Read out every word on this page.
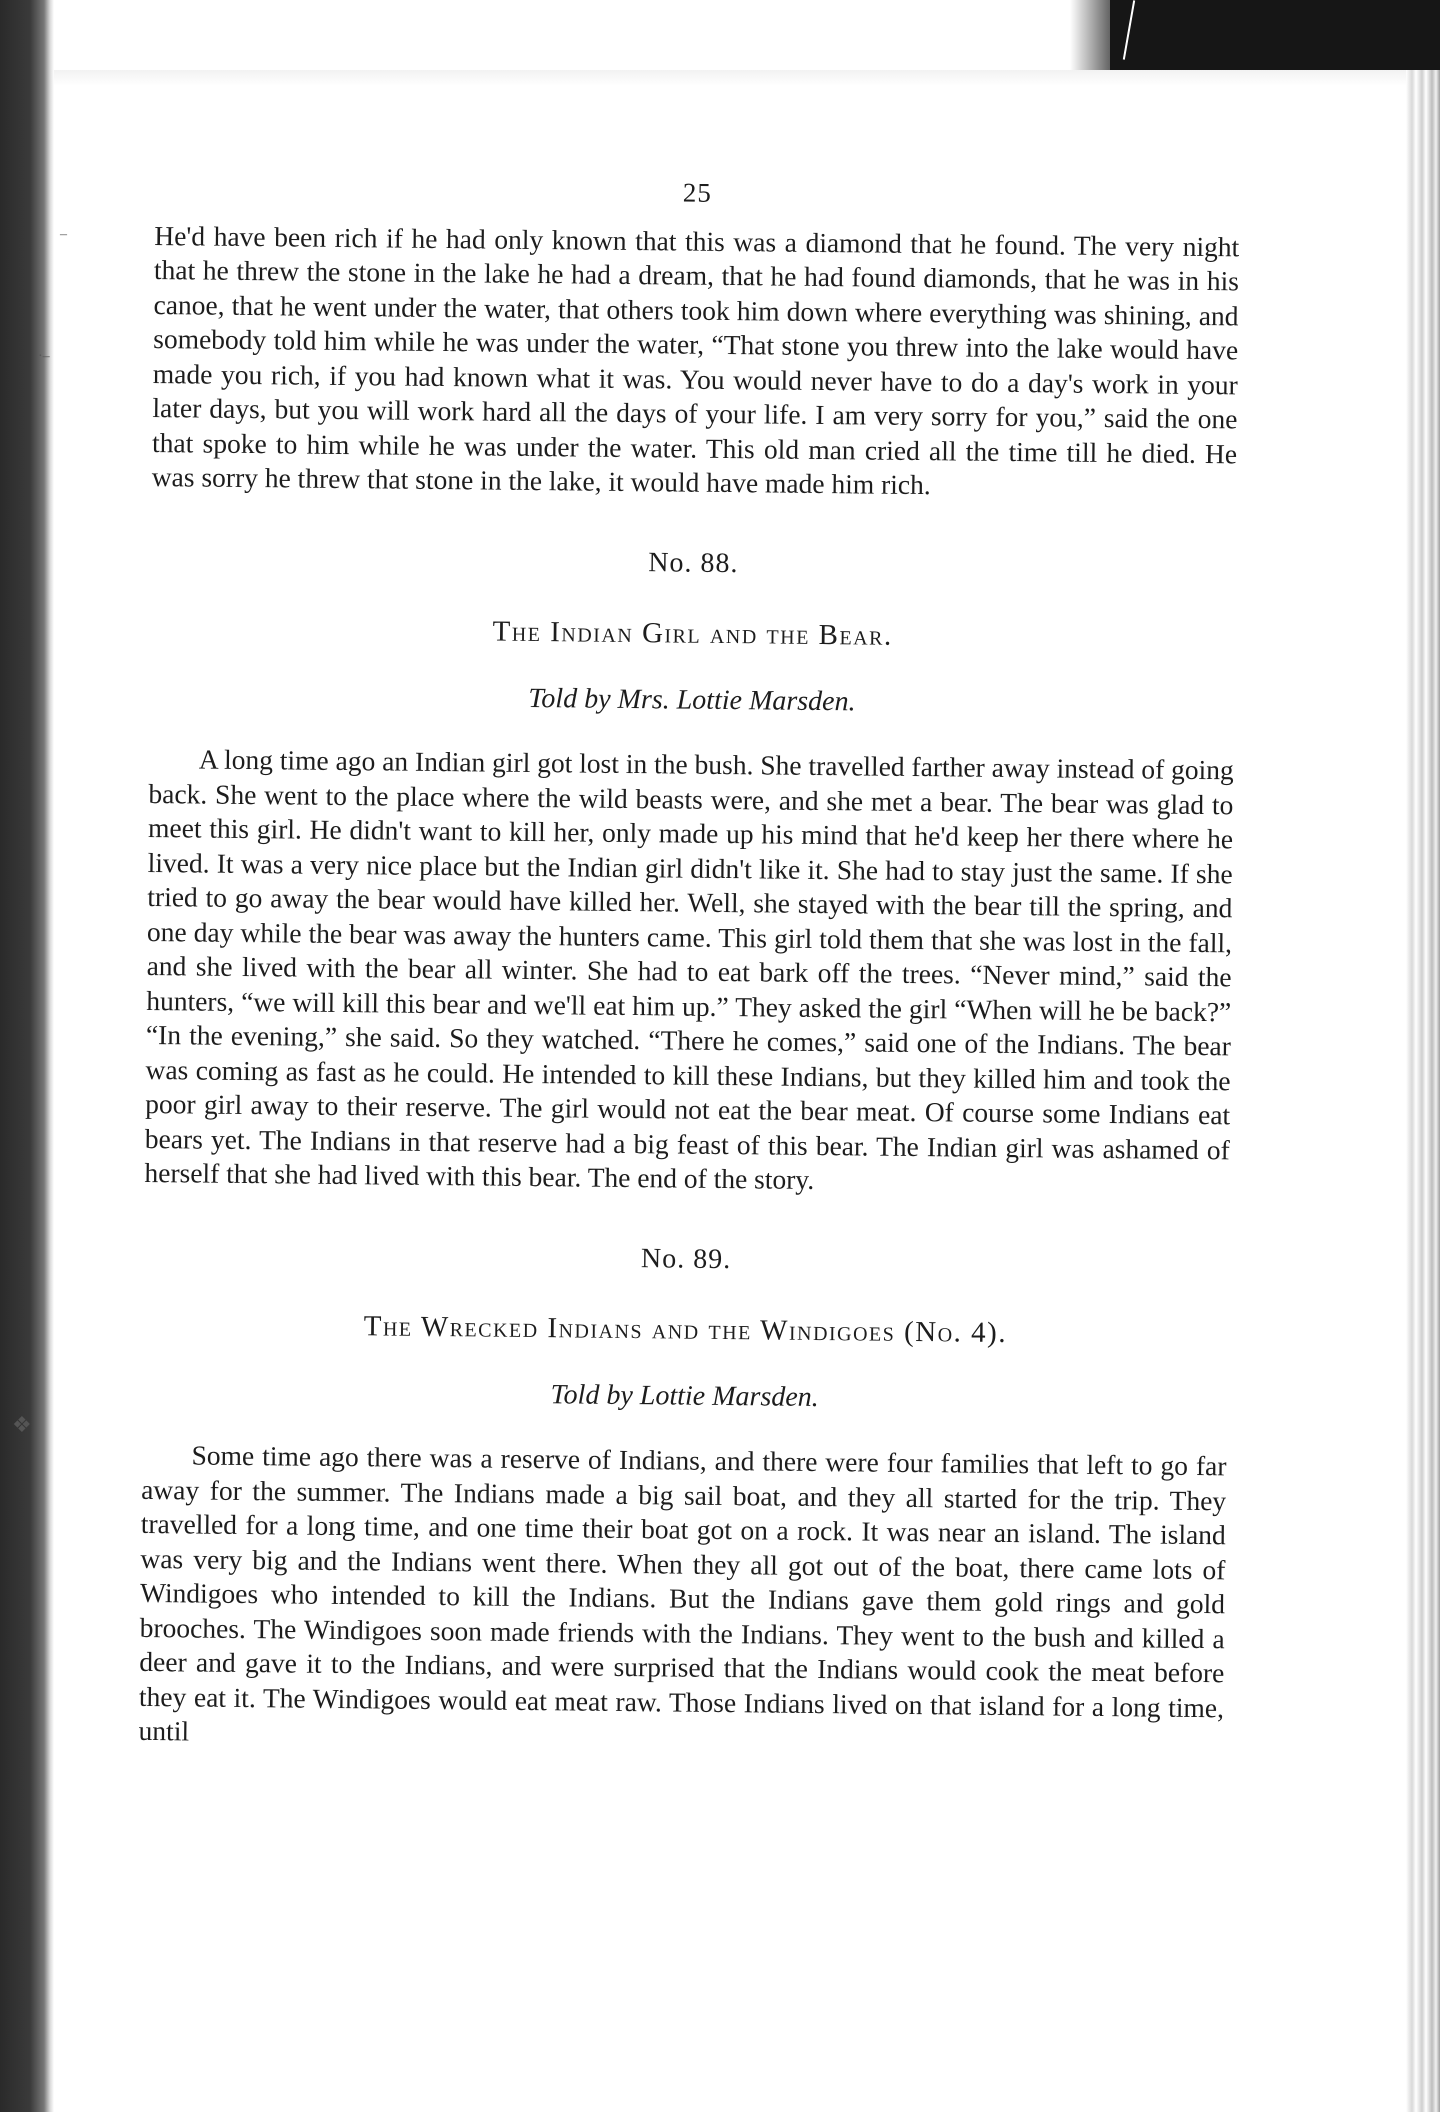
–
·–
❖
25

He'd have been rich if he had only known that this was a diamond that he found. The very night that he threw the stone in the lake he had a dream, that he had found diamonds, that he was in his canoe, that he went under the water, that others took him down where everything was shining, and somebody told him while he was under the water, “That stone you threw into the lake would have made you rich, if you had known what it was. You would never have to do a day's work in your later days, but you will work hard all the days of your life. I am very sorry for you,” said the one that spoke to him while he was under the water. This old man cried all the time till he died. He was sorry he threw that stone in the lake, it would have made him rich.

No. 88.
The Indian Girl and the Bear.
Told by Mrs. Lottie Marsden.

A long time ago an Indian girl got lost in the bush. She travelled farther away instead of going back. She went to the place where the wild beasts were, and she met a bear. The bear was glad to meet this girl. He didn't want to kill her, only made up his mind that he'd keep her there where he lived. It was a very nice place but the Indian girl didn't like it. She had to stay just the same. If she tried to go away the bear would have killed her. Well, she stayed with the bear till the spring, and one day while the bear was away the hunters came. This girl told them that she was lost in the fall, and she lived with the bear all winter. She had to eat bark off the trees. “Never mind,” said the hunters, “we will kill this bear and we'll eat him up.” They asked the girl “When will he be back?” “In the evening,” she said. So they watched. “There he comes,” said one of the Indians. The bear was coming as fast as he could. He intended to kill these Indians, but they killed him and took the poor girl away to their reserve. The girl would not eat the bear meat. Of course some Indians eat bears yet. The Indians in that reserve had a big feast of this bear. The Indian girl was ashamed of herself that she had lived with this bear. The end of the story.

No. 89.
The Wrecked Indians and the Windigoes (No. 4).
Told by Lottie Marsden.

Some time ago there was a reserve of Indians, and there were four families that left to go far away for the summer. The Indians made a big sail boat, and they all started for the trip. They travelled for a long time, and one time their boat got on a rock. It was near an island. The island was very big and the Indians went there. When they all got out of the boat, there came lots of Windigoes who intended to kill the Indians. But the Indians gave them gold rings and gold brooches. The Windigoes soon made friends with the Indians. They went to the bush and killed a deer and gave it to the Indians, and were surprised that the Indians would cook the meat before they eat it. The Windigoes would eat meat raw. Those Indians lived on that island for a long time, until
